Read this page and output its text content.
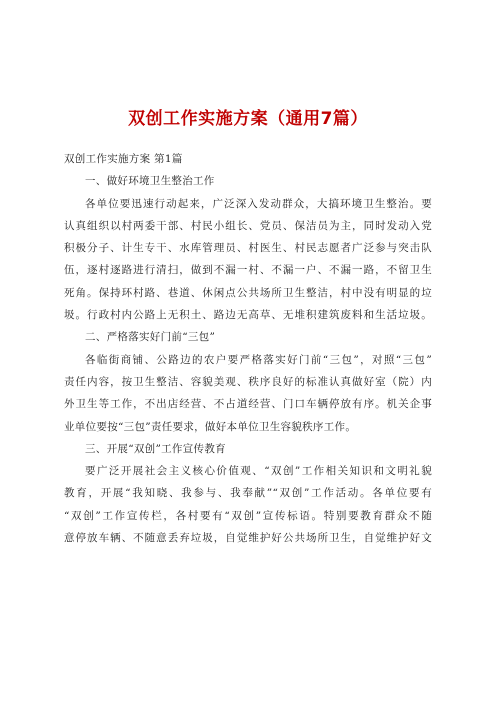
双创工作实施方案（通用7篇）
双创工作实施方案 第1篇
一、做好环境卫生整治工作
各单位要迅速行动起来，广泛深入发动群众，大搞环境卫生整治。要
认真组织以村两委干部、村民小组长、党员、保洁员为主，同时发动入党
积极分子、计生专干、水库管理员、村医生、村民志愿者广泛参与突击队
伍，逐村逐路进行清扫，做到不漏一村、不漏一户、不漏一路，不留卫生
死角。保持环村路、巷道、休闲点公共场所卫生整洁，村中没有明显的垃
圾。行政村内公路上无积土、路边无高草、无堆积建筑废料和生活垃圾。
二、严格落实好门前“三包”
各临街商铺、公路边的农户要严格落实好门前“三包”，对照“三包”
责任内容，按卫生整洁、容貌美观、秩序良好的标准认真做好室（院）内
外卫生等工作，不出店经营、不占道经营、门口车辆停放有序。机关企事
业单位要按“三包”责任要求，做好本单位卫生容貌秩序工作。
三、开展“双创”工作宣传教育
要广泛开展社会主义核心价值观、“双创”工作相关知识和文明礼貌
教育，开展“我知晓、我参与、我奉献”“双创”工作活动。各单位要有
“双创”工作宣传栏，各村要有“双创”宣传标语。特别要教育群众不随
意停放车辆、不随意丢弃垃圾，自觉维护好公共场所卫生，自觉维护好文
